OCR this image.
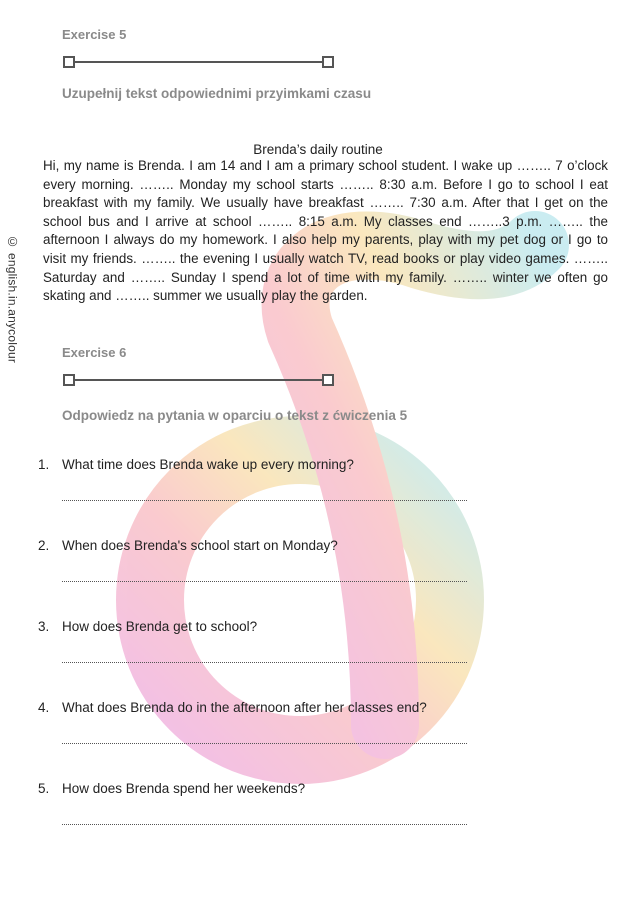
©
english.in.anycolour
Exercise 5
Uzupełnij tekst odpowiednimi przyimkami czasu
Brenda’s daily routine
Hi, my name is Brenda. I am 14 and I am a primary school student. I wake up …….. 7 o’clock every morning. …….. Monday my school starts …….. 8:30 a.m. Before I go to school I eat breakfast with my family. We usually have breakfast …….. 7:30 a.m. After that I get on the school bus and I arrive at school …….. 8:15 a.m. My classes end ……..3 p.m. …….. the afternoon I always do my homework. I also help my parents, play with my pet dog or I go to visit my friends. …….. the evening I usually watch TV, read books or play video games. …….. Saturday and …….. Sunday I spend a lot of time with my family. …….. winter we often go skating and …….. summer we usually play the garden.
Exercise 6
Odpowiedz na pytania w oparciu o tekst z ćwiczenia 5
1. What time does Brenda wake up every morning?
2. When does Brenda's school start on Monday?
3. How does Brenda get to school?
4. What does Brenda do in the afternoon after her classes end?
5. How does Brenda spend her weekends?
